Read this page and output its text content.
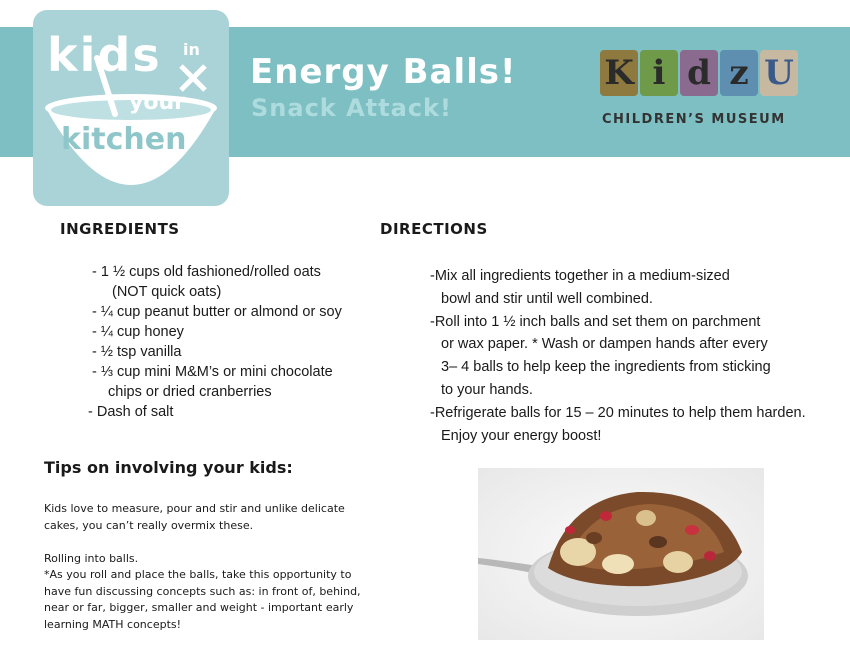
kids in
your
kitchen
Energy Balls!
Snack Attack!
K i d z U
CHILDREN’S MUSEUM
INGREDIENTS	DIRECTIONS
- 1 ½ cups old fashioned/rolled oats
(NOT quick oats)
- ¼ cup peanut butter or almond or soy
- ¼ cup honey
- ½ tsp vanilla
- ⅓ cup mini M&M’s or mini chocolate
chips or dried cranberries
- Dash of salt
-Mix all ingredients together in a medium-sized
bowl and stir until well combined.
-Roll into 1 ½ inch balls and set them on parchment
or wax paper. * Wash or dampen hands after every
3– 4 balls to help keep the ingredients from sticking
to your hands.
-Refrigerate balls for 15 – 20 minutes to help them harden.
Enjoy your energy boost!
Tips on involving your kids:

Kids love to measure, pour and stir and unlike delicate cakes, you can’t really overmix these.

Rolling into balls.

*As you roll and place the balls, take this opportunity to have fun discussing concepts such as: in front of, behind, near or far, bigger, smaller and weight - important early learning MATH concepts!
